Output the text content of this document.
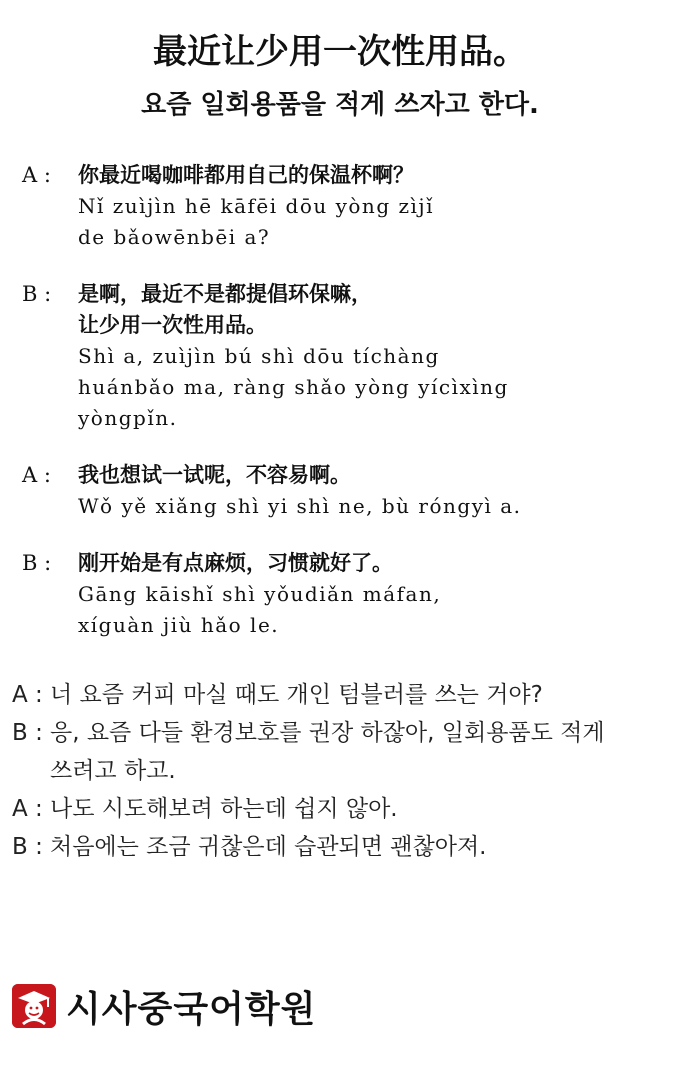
最近让少用一次性用品。
요즘 일회용품을 적게 쓰자고 한다.
A :	你最近喝咖啡都用自己的保温杯啊？
Nǐ zuìjìn hē kāfēi dōu yòng zìjǐ
de bǎowēnbēi a?
B :	是啊，最近不是都提倡环保嘛，
让少用一次性用品。
Shì a, zuìjìn bú shì dōu tíchàng
huánbǎo ma, ràng shǎo yòng yícìxìng
yòngpǐn.
A :	我也想试一试呢，不容易啊。
Wǒ yě xiǎng shì yi shì ne, bù róngyì a.
B :	刚开始是有点麻烦，习惯就好了。
Gāng kāishǐ shì yǒudiǎn máfan,
xíguàn jiù hǎo le.
A : 너 요즘 커피 마실 때도 개인 텀블러를 쓰는 거야?
B : 응, 요즘 다들 환경보호를 권장 하잖아, 일회용품도 적게
쓰려고 하고.
A : 나도 시도해보려 하는데 쉽지 않아.
B : 처음에는 조금 귀찮은데 습관되면 괜찮아져.
시사중국어학원
